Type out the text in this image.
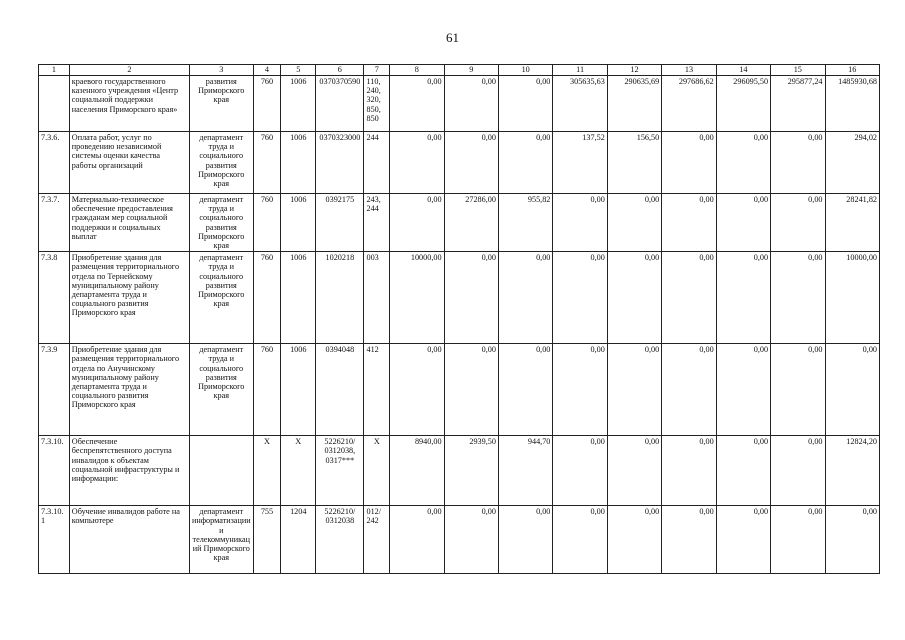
61
1	2	3	4	5	6	7	8	9	10	11	12	13	14	15	16
	краевого государственного казенного учреждения «Центр социальной поддержки населения Приморского края»	развития Приморского края	760	1006	0370370590	110, 240, 320, 850, 850	0,00	0,00	0,00	305635,63	290635,69	297686,62	296095,50	295877,24	1485930,68
7.3.6.	Оплата работ, услуг по проведению независимой системы оценки качества работы организаций	департамент труда и социального развития Приморского края	760	1006	0370323000	244	0,00	0,00	0,00	137,52	156,50	0,00	0,00	0,00	294,02
7.3.7.	Материально-техническое обеспечение предоставления гражданам мер социальной поддержки и социальных выплат	департамент труда и социального развития Приморского края	760	1006	0392175	243, 244	0,00	27286,00	955,82	0,00	0,00	0,00	0,00	0,00	28241,82
7.3.8	Приобретение здания для размещения территориального отдела по Тернейскому муниципальному району департамента труда и социального развития Приморского края	департамент труда и социального развития Приморского края	760	1006	1020218	003	10000,00	0,00	0,00	0,00	0,00	0,00	0,00	0,00	10000,00
7.3.9	Приобретение здания для размещения территориального отдела по Анучинскому муниципальному району департамента труда и социального развития Приморского края	департамент труда и социального развития Приморского края	760	1006	0394048	412	0,00	0,00	0,00	0,00	0,00	0,00	0,00	0,00	0,00
7.3.10.	Обеспечение беспрепятственного доступа инвалидов к объектам социальной инфраструктуры и информации:		X	X	5226210/ 0312038, 0317***	X	8940,00	2939,50	944,70	0,00	0,00	0,00	0,00	0,00	12824,20
7.3.10.1	Обучение инвалидов работе на компьютере	департамент информатизации и телекоммуникаций Приморского края	755	1204	5226210/ 0312038	012/ 242	0,00	0,00	0,00	0,00	0,00	0,00	0,00	0,00	0,00
